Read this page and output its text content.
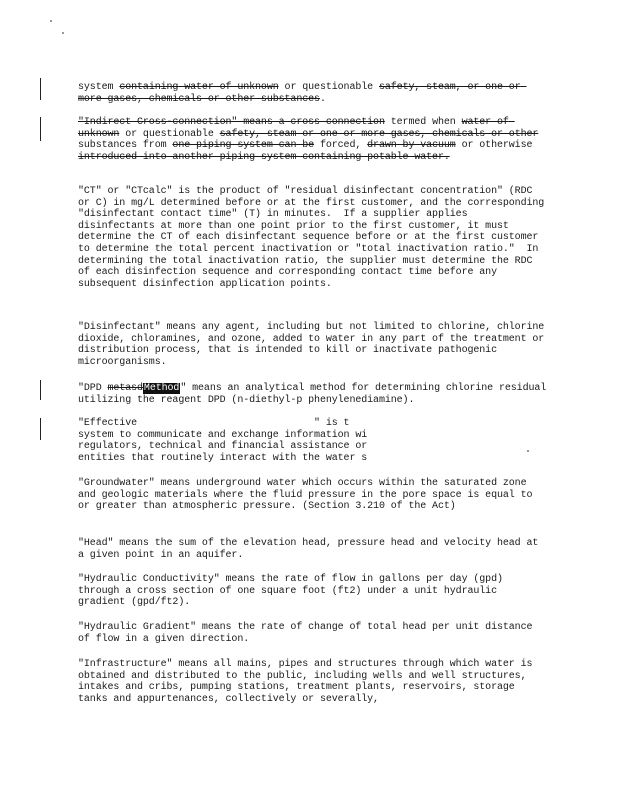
system containing water of unknown or questionable safety, steam, or one or more gases, chemicals or other substances.
"Indirect Cross-connection" means a cross connection termed when water of unknown or questionable safety, steam or one or more gases, chemicals or other substances from one piping system can be forced, drawn by vacuum or otherwise introduced into another piping system containing potable water.
"CT" or "CTcalc" is the product of "residual disinfectant concentration" (RDC or C) in mg/L determined before or at the first customer, and the corresponding "disinfectant contact time" (T) in minutes.  If a supplier applies disinfectants at more than one point prior to the first customer, it must determine the CT of each disinfectant sequence before or at the first customer to determine the total percent inactivation or "total inactivation ratio."  In determining the total inactivation ratio, the supplier must determine the RDC of each disinfection sequence and corresponding contact time before any subsequent disinfection application points.
"Disinfectant" means any agent, including but not limited to chlorine, chlorine dioxide, chloramines, and ozone, added to water in any part of the treatment or distribution process, that is intended to kill or inactivate pathogenic microorganisms.
"DPD metasdMethod" means an analytical method for determining chlorine residual utilizing the reagent DPD (n-diethyl-p phenylenediamine).
"Effective	" is t
system to communicate and exchange information wi
regulators, technical and financial assistance or
entities that routinely interact with the water s
"Groundwater" means underground water which occurs within the saturated zone and geologic materials where the fluid pressure in the pore space is equal to or greater than atmospheric pressure. (Section 3.210 of the Act)
"Head" means the sum of the elevation head, pressure head and velocity head at a given point in an aquifer.
"Hydraulic Conductivity" means the rate of flow in gallons per day (gpd) through a cross section of one square foot (ft2) under a unit hydraulic gradient (gpd/ft2).
"Hydraulic Gradient" means the rate of change of total head per unit distance of flow in a given direction.
"Infrastructure" means all mains, pipes and structures through which water is obtained and distributed to the public, including wells and well structures, intakes and cribs, pumping stations, treatment plants, reservoirs, storage tanks and appurtenances, collectively or severally,
